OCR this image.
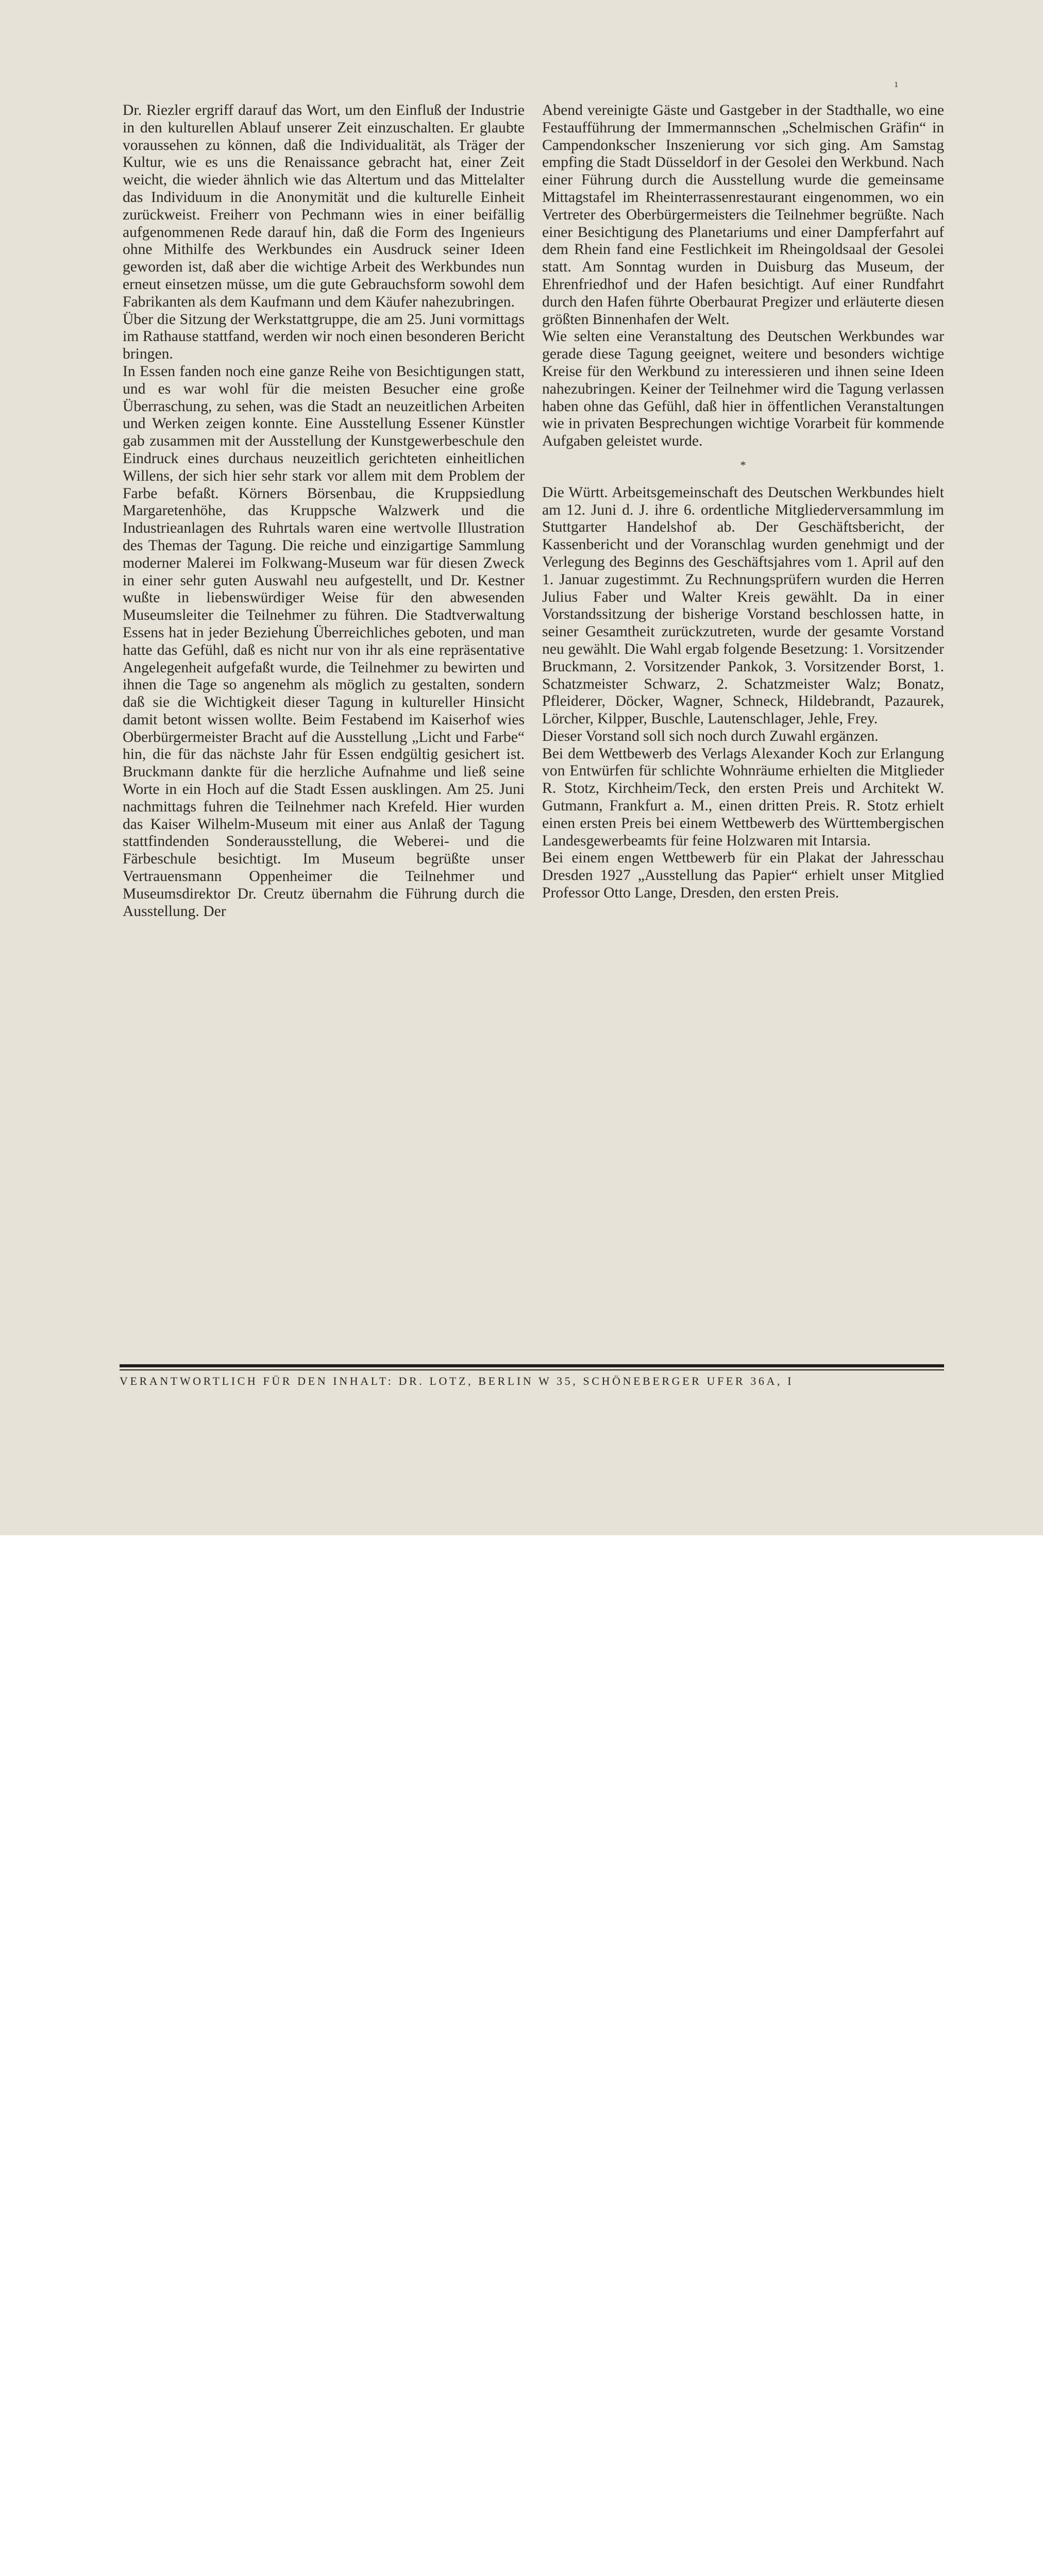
ı

Dr. Riezler ergriff darauf das Wort, um den Einfluß der Industrie in den kulturellen Ablauf unserer Zeit einzuschalten. Er glaubte voraussehen zu können, daß die Individualität, als Träger der Kultur, wie es uns die Renaissance gebracht hat, einer Zeit weicht, die wieder ähnlich wie das Altertum und das Mittelalter das Individuum in die Anonymität und die kulturelle Einheit zurückweist. Freiherr von Pechmann wies in einer beifällig aufgenommenen Rede darauf hin, daß die Form des Ingenieurs ohne Mithilfe des Werkbundes ein Ausdruck seiner Ideen geworden ist, daß aber die wichtige Arbeit des Werkbundes nun erneut einsetzen müsse, um die gute Gebrauchsform sowohl dem Fabrikanten als dem Kaufmann und dem Käufer nahezubringen.

Über die Sitzung der Werkstattgruppe, die am 25. Juni vormittags im Rathause stattfand, werden wir noch einen besonderen Bericht bringen.

In Essen fanden noch eine ganze Reihe von Besichtigungen statt, und es war wohl für die meisten Besucher eine große Überraschung, zu sehen, was die Stadt an neuzeitlichen Arbeiten und Werken zeigen konnte. Eine Ausstellung Essener Künstler gab zusammen mit der Ausstellung der Kunstgewerbeschule den Eindruck eines durchaus neuzeitlich gerichteten einheitlichen Willens, der sich hier sehr stark vor allem mit dem Problem der Farbe befaßt. Körners Börsenbau, die Kruppsiedlung Margaretenhöhe, das Kruppsche Walzwerk und die Industrieanlagen des Ruhrtals waren eine wertvolle Illustration des Themas der Tagung. Die reiche und einzigartige Sammlung moderner Malerei im Folkwang-Museum war für diesen Zweck in einer sehr guten Auswahl neu aufgestellt, und Dr. Kestner wußte in liebenswürdiger Weise für den abwesenden Museumsleiter die Teilnehmer zu führen. Die Stadtverwaltung Essens hat in jeder Beziehung Überreichliches geboten, und man hatte das Gefühl, daß es nicht nur von ihr als eine repräsentative Angelegenheit aufgefaßt wurde, die Teilnehmer zu bewirten und ihnen die Tage so angenehm als möglich zu gestalten, sondern daß sie die Wichtigkeit dieser Tagung in kultureller Hinsicht damit betont wissen wollte. Beim Festabend im Kaiserhof wies Oberbürgermeister Bracht auf die Ausstellung „Licht und Farbe“ hin, die für das nächste Jahr für Essen endgültig gesichert ist. Bruckmann dankte für die herzliche Aufnahme und ließ seine Worte in ein Hoch auf die Stadt Essen ausklingen. Am 25. Juni nachmittags fuhren die Teilnehmer nach Krefeld. Hier wurden das Kaiser Wilhelm-Museum mit einer aus Anlaß der Tagung stattfindenden Sonderausstellung, die Weberei- und die Färbeschule besichtigt. Im Museum begrüßte unser Vertrauensmann Oppenheimer die Teilnehmer und Museumsdirektor Dr. Creutz übernahm die Führung durch die Ausstellung. Der

Abend vereinigte Gäste und Gastgeber in der Stadthalle, wo eine Festaufführung der Immermannschen „Schelmischen Gräfin“ in Campendonkscher Inszenierung vor sich ging. Am Samstag empfing die Stadt Düsseldorf in der Gesolei den Werkbund. Nach einer Führung durch die Ausstellung wurde die gemeinsame Mittagstafel im Rheinterrassenrestaurant eingenommen, wo ein Vertreter des Oberbürgermeisters die Teilnehmer begrüßte. Nach einer Besichtigung des Planetariums und einer Dampferfahrt auf dem Rhein fand eine Festlichkeit im Rheingoldsaal der Gesolei statt. Am Sonntag wurden in Duisburg das Museum, der Ehrenfriedhof und der Hafen besichtigt. Auf einer Rundfahrt durch den Hafen führte Oberbaurat Pregizer und erläuterte diesen größten Binnenhafen der Welt.

Wie selten eine Veranstaltung des Deutschen Werkbundes war gerade diese Tagung geeignet, weitere und besonders wichtige Kreise für den Werkbund zu interessieren und ihnen seine Ideen nahezubringen. Keiner der Teilnehmer wird die Tagung verlassen haben ohne das Gefühl, daß hier in öffentlichen Veranstaltungen wie in privaten Besprechungen wichtige Vorarbeit für kommende Aufgaben geleistet wurde.

*

Die Württ. Arbeitsgemeinschaft des Deutschen Werkbundes hielt am 12. Juni d. J. ihre 6. ordentliche Mitgliederversammlung im Stuttgarter Handelshof ab. Der Geschäftsbericht, der Kassenbericht und der Voranschlag wurden genehmigt und der Verlegung des Beginns des Geschäftsjahres vom 1. April auf den 1. Januar zugestimmt. Zu Rechnungsprüfern wurden die Herren Julius Faber und Walter Kreis gewählt. Da in einer Vorstandssitzung der bisherige Vorstand beschlossen hatte, in seiner Gesamtheit zurückzutreten, wurde der gesamte Vorstand neu gewählt. Die Wahl ergab folgende Besetzung: 1. Vorsitzender Bruckmann, 2. Vorsitzender Pankok, 3. Vorsitzender Borst, 1. Schatzmeister Schwarz, 2. Schatzmeister Walz; Bonatz, Pfleiderer, Döcker, Wagner, Schneck, Hildebrandt, Pazaurek, Lörcher, Kilpper, Buschle, Lautenschlager, Jehle, Frey.

Dieser Vorstand soll sich noch durch Zuwahl ergänzen.

Bei dem Wettbewerb des Verlags Alexander Koch zur Erlangung von Entwürfen für schlichte Wohnräume erhielten die Mitglieder R. Stotz, Kirchheim/Teck, den ersten Preis und Architekt W. Gutmann, Frankfurt a. M., einen dritten Preis. R. Stotz erhielt einen ersten Preis bei einem Wettbewerb des Württembergischen Landesgewerbeamts für feine Holzwaren mit Intarsia.

Bei einem engen Wettbewerb für ein Plakat der Jahresschau Dresden 1927 „Ausstellung das Papier“ erhielt unser Mitglied Professor Otto Lange, Dresden, den ersten Preis.

VERANTWORTLICH FÜR DEN INHALT: DR. LOTZ, BERLIN W 35, SCHÖNEBERGER UFER 36A, I
